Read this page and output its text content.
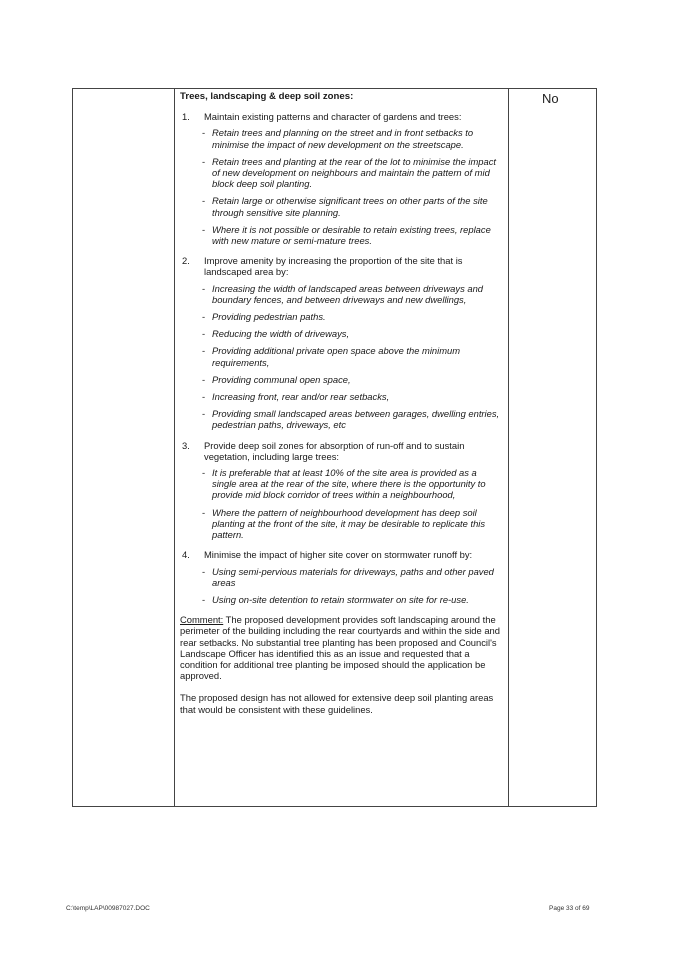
Trees, landscaping & deep soil zones:
1.	Maintain existing patterns and character of gardens and trees:
- Retain trees and planning on the street and in front setbacks to minimise the impact of new development on the streetscape.
- Retain trees and planting at the rear of the lot to minimise the impact of new development on neighbours and maintain the pattern of mid block deep soil planting.
- Retain large or otherwise significant trees on other parts of the site through sensitive site planning.
- Where it is not possible or desirable to retain existing trees, replace with new mature or semi-mature trees.
2.	Improve amenity by increasing the proportion of the site that is landscaped area by:
- Increasing the width of landscaped areas between driveways and boundary fences, and between driveways and new dwellings,
- Providing pedestrian paths.
- Reducing the width of driveways,
- Providing additional private open space above the minimum requirements,
- Providing communal open space,
- Increasing front, rear and/or rear setbacks,
- Providing small landscaped areas between garages, dwelling entries, pedestrian paths, driveways, etc
3.	Provide deep soil zones for absorption of run-off and to sustain vegetation, including large trees:
- It is preferable that at least 10% of the site area is provided as a single area at the rear of the site, where there is the opportunity to provide mid block corridor of trees within a neighbourhood,
- Where the pattern of neighbourhood development has deep soil planting at the front of the site, it may be desirable to replicate this pattern.
4.	Minimise the impact of higher site cover on stormwater runoff by:
- Using semi-pervious materials for driveways, paths and other paved areas
- Using on-site detention to retain stormwater on site for re-use.
Comment: The proposed development provides soft landscaping around the perimeter of the building including the rear courtyards and within the side and rear setbacks. No substantial tree planting has been proposed and Council's Landscape Officer has identified this as an issue and requested that a condition for additional tree planting be imposed should the application be approved.
The proposed design has not allowed for extensive deep soil planting areas that would be consistent with these guidelines.
No
C:\temp\LAP\00987027.DOC	Page 33 of 69
